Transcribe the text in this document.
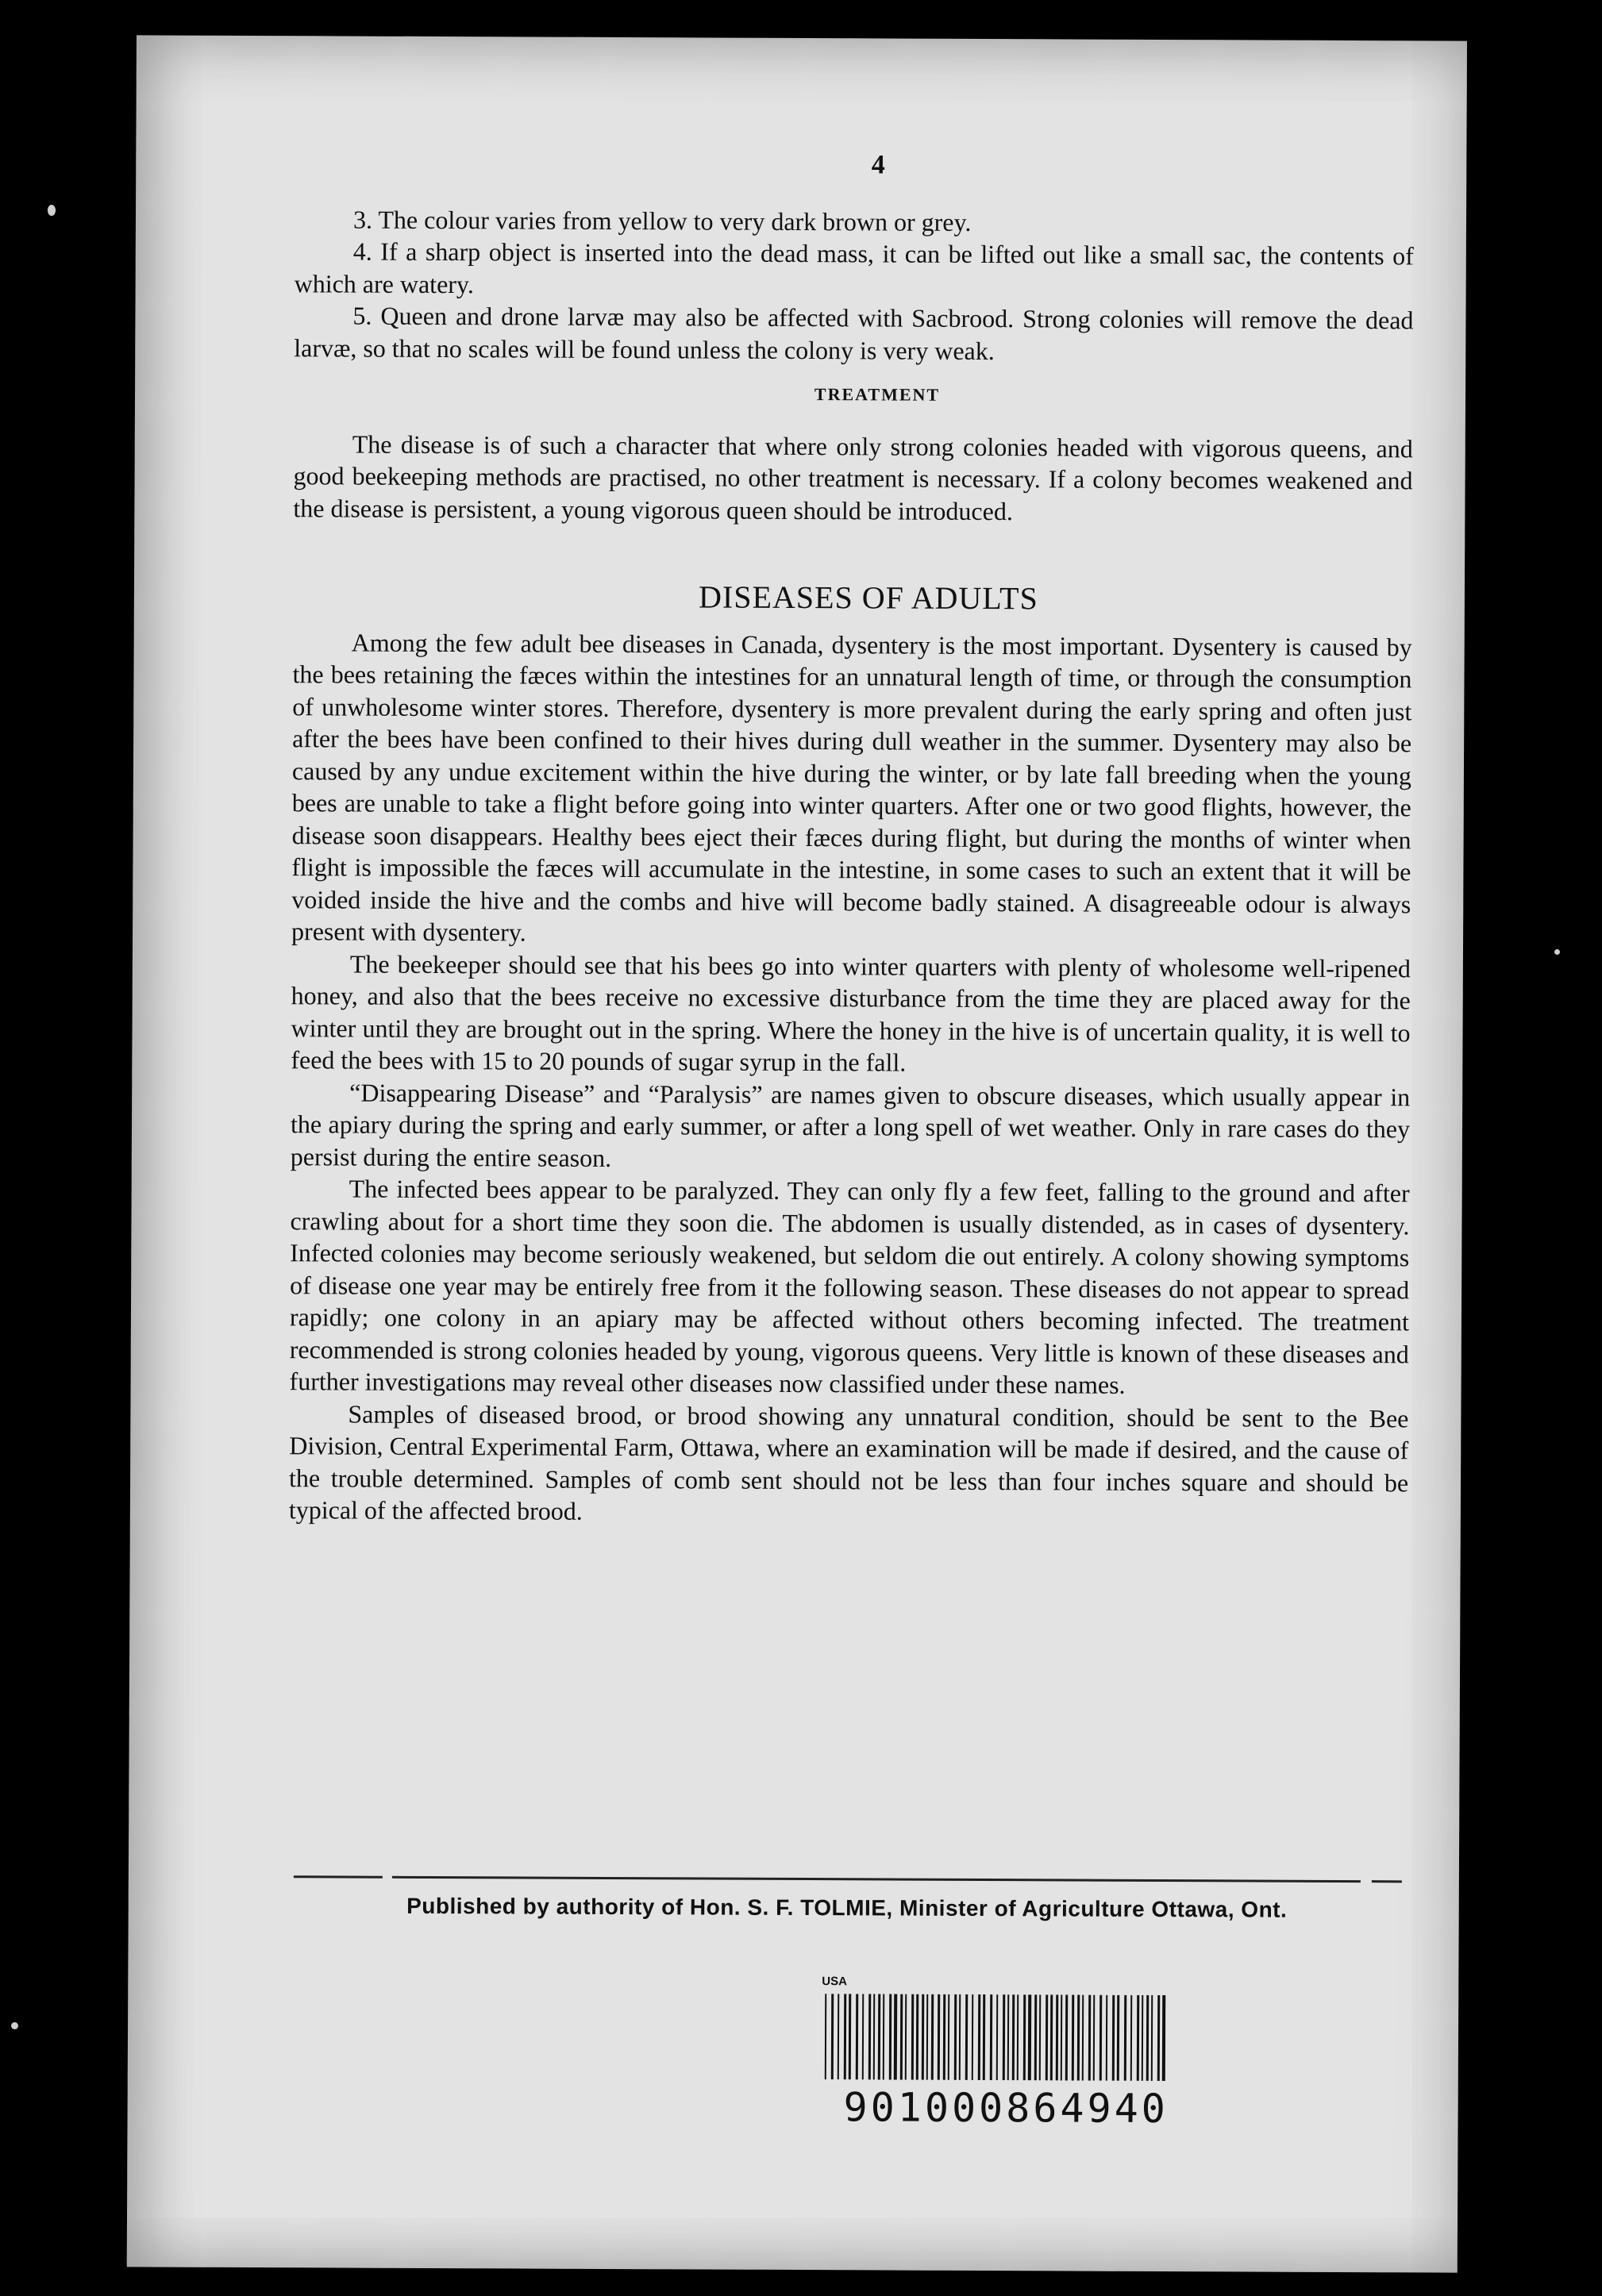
4

3. The colour varies from yellow to very dark brown or grey.

4. If a sharp object is inserted into the dead mass, it can be lifted out like a small sac, the contents of which are watery.

5. Queen and drone larvæ may also be affected with Sacbrood. Strong colonies will remove the dead larvæ, so that no scales will be found unless the colony is very weak.

TREATMENT

The disease is of such a character that where only strong colonies headed with vigorous queens, and good beekeeping methods are practised, no other treatment is necessary. If a colony becomes weakened and the disease is persistent, a young vigorous queen should be introduced.

DISEASES OF ADULTS

Among the few adult bee diseases in Canada, dysentery is the most important. Dysentery is caused by the bees retaining the fæces within the intestines for an unnatural length of time, or through the consumption of unwholesome winter stores. Therefore, dysentery is more prevalent during the early spring and often just after the bees have been confined to their hives during dull weather in the summer. Dysentery may also be caused by any undue excitement within the hive during the winter, or by late fall breeding when the young bees are unable to take a flight before going into winter quarters. After one or two good flights, however, the disease soon disappears. Healthy bees eject their fæces during flight, but during the months of winter when flight is impossible the fæces will accumulate in the intestine, in some cases to such an extent that it will be voided inside the hive and the combs and hive will become badly stained. A disagreeable odour is always present with dysentery.

The beekeeper should see that his bees go into winter quarters with plenty of wholesome well-ripened honey, and also that the bees receive no excessive disturbance from the time they are placed away for the winter until they are brought out in the spring. Where the honey in the hive is of uncertain quality, it is well to feed the bees with 15 to 20 pounds of sugar syrup in the fall.

“Disappearing Disease” and “Paralysis” are names given to obscure diseases, which usually appear in the apiary during the spring and early summer, or after a long spell of wet weather. Only in rare cases do they persist during the entire season.

The infected bees appear to be paralyzed. They can only fly a few feet, falling to the ground and after crawling about for a short time they soon die. The abdomen is usually distended, as in cases of dysentery. Infected colonies may become seriously weakened, but seldom die out entirely. A colony showing symptoms of disease one year may be entirely free from it the following season. These diseases do not appear to spread rapidly; one colony in an apiary may be affected without others becoming infected. The treatment recommended is strong colonies headed by young, vigorous queens. Very little is known of these diseases and further investigations may reveal other diseases now classified under these names.

Samples of diseased brood, or brood showing any unnatural condition, should be sent to the Bee Division, Central Experimental Farm, Ottawa, where an examination will be made if desired, and the cause of the trouble determined. Samples of comb sent should not be less than four inches square and should be typical of the affected brood.

Published by authority of Hon. S. F. TOLMIE, Minister of Agriculture Ottawa, Ont.
USA
901000864940
